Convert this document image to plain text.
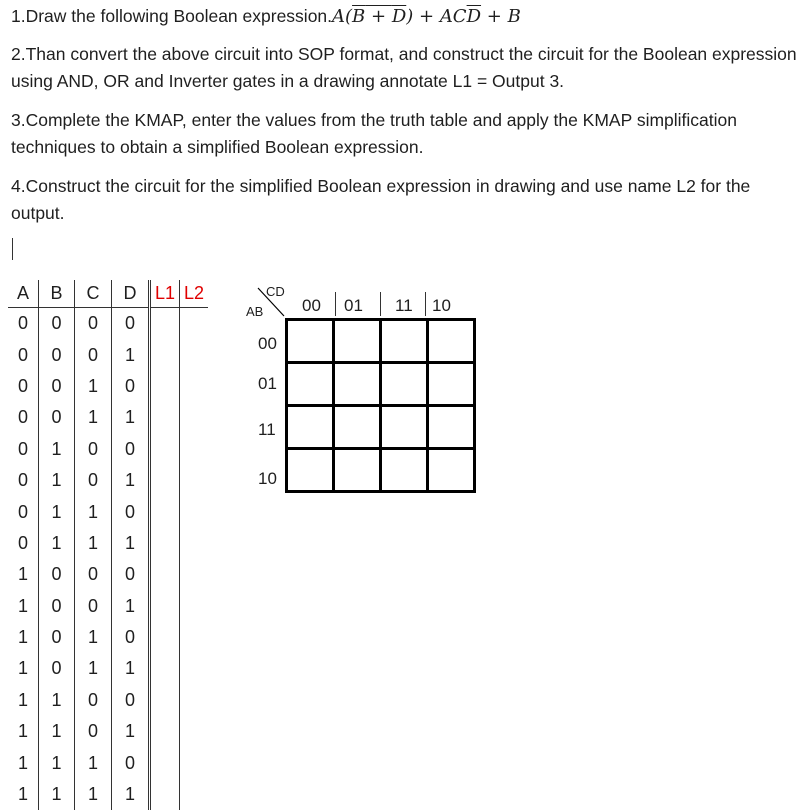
1.Draw the following Boolean expression.A(B + $D) + AC\overline{D} + B$
2.Than convert the above circuit into SOP format, and construct the circuit for the Boolean expression using AND, OR and Inverter gates in a drawing annotate L1 = Output 3.
3.Complete the KMAP, enter the values from the truth table and apply the KMAP simplification techniques to obtain a simplified Boolean expression.
4.Construct the circuit for the simplified Boolean expression in drawing and use name L2 for the output.
A	B	C	D	L1	L2
0	0	0	0		
0	0	0	1		
0	0	1	0		
0	0	1	1		
0	1	0	0		
0	1	0	1		
0	1	1	0		
0	1	1	1		
1	0	0	0		
1	0	0	1		
1	0	1	0		
1	0	1	1		
1	1	0	0		
1	1	0	1		
1	1	1	0		
1	1	1	1		
CD
AB 00 01 11 10
00
01
11
10
